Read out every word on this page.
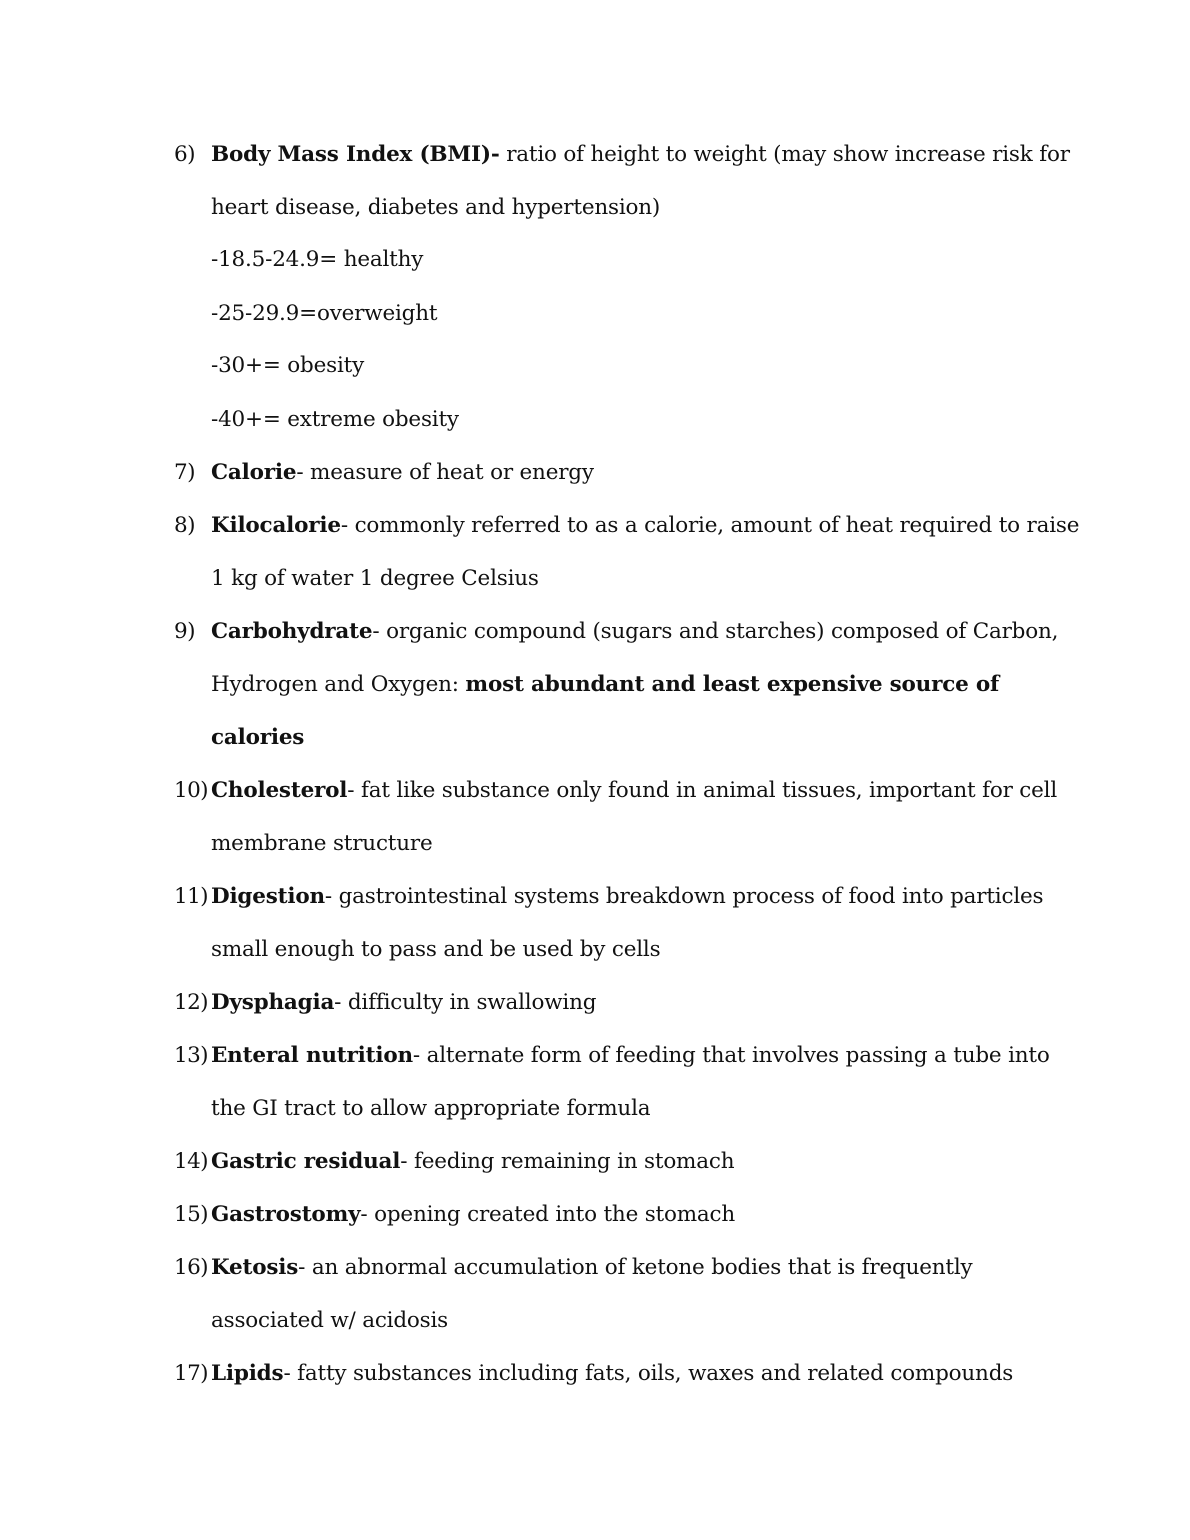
6) Body Mass Index (BMI)- ratio of height to weight (may show increase risk for
heart disease, diabetes and hypertension)
-18.5-24.9= healthy
-25-29.9=overweight
-30+= obesity
-40+= extreme obesity
7) Calorie- measure of heat or energy
8) Kilocalorie- commonly referred to as a calorie, amount of heat required to raise
1 kg of water 1 degree Celsius
9) Carbohydrate- organic compound (sugars and starches) composed of Carbon,
Hydrogen and Oxygen: most abundant and least expensive source of
calories
10) Cholesterol- fat like substance only found in animal tissues, important for cell
membrane structure
11) Digestion- gastrointestinal systems breakdown process of food into particles
small enough to pass and be used by cells
12) Dysphagia- difficulty in swallowing
13) Enteral nutrition- alternate form of feeding that involves passing a tube into
the GI tract to allow appropriate formula
14) Gastric residual- feeding remaining in stomach
15) Gastrostomy- opening created into the stomach
16) Ketosis- an abnormal accumulation of ketone bodies that is frequently
associated w/ acidosis
17) Lipids- fatty substances including fats, oils, waxes and related compounds
